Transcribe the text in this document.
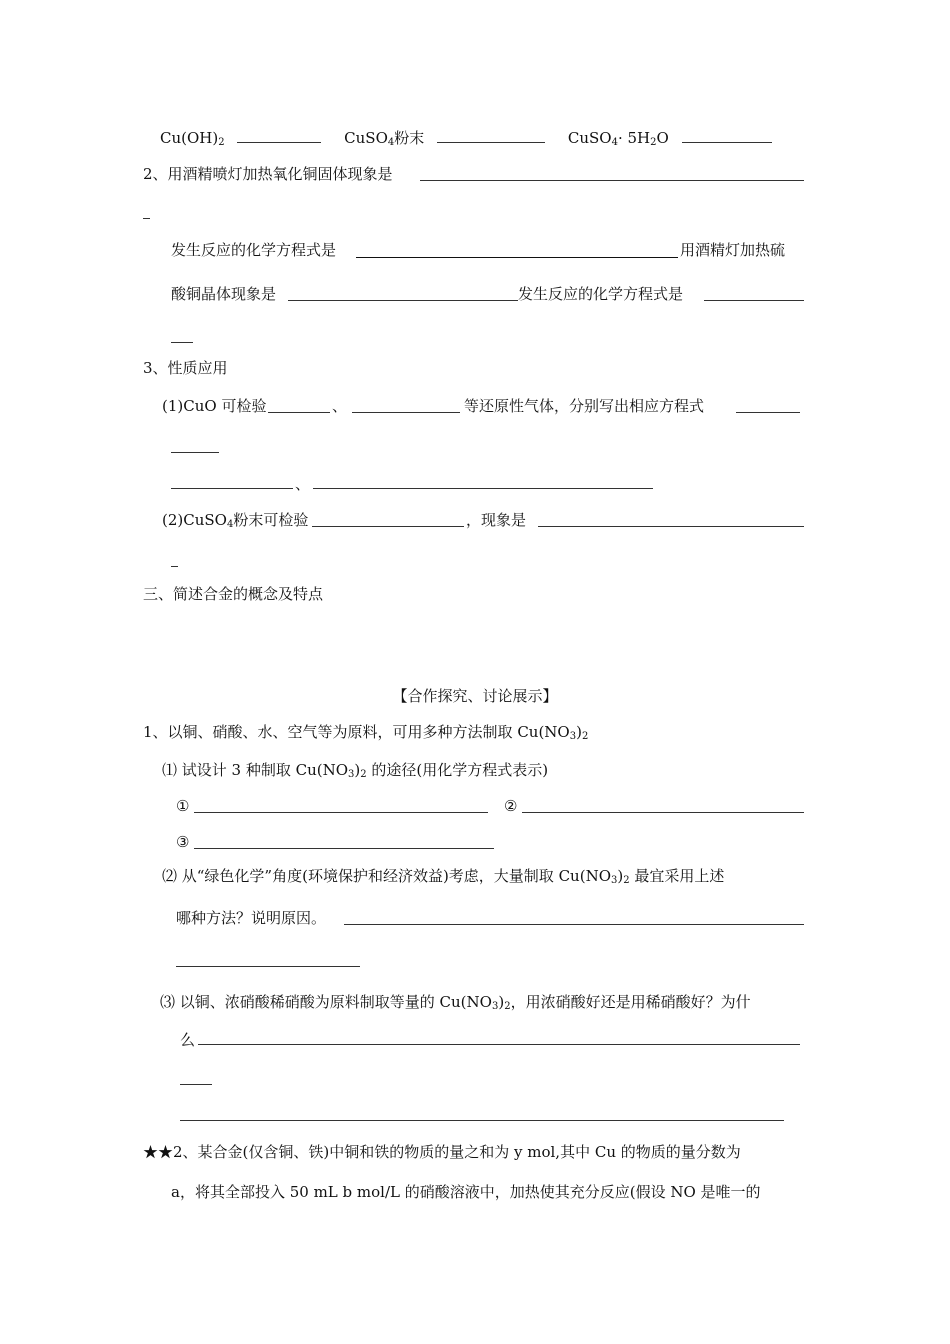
$Cu(OH)_2$	CuSO$_4$粉末	CuSO$_4$· $5H_2O$
2、用酒精喷灯加热氧化铜固体现象是
发生反应的化学方程式是	用酒精灯加热硫
酸铜晶体现象是	发生反应的化学方程式是
3、性质应用
(1)CuO 可检验	、	等还原性气体，分别写出相应方程式
、
(2)CuSO$_4$粉末可检验	，现象是
三、简述合金的概念及特点
【合作探究、讨论展示】
1、以铜、硝酸、水、空气等为原料，可用多种方法制取 $Cu(NO_3)_2$
⑴ 试设计 3 种制取 $Cu(NO_3)_2$ 的途径(用化学方程式表示)
①	②
③
⑵ 从“绿色化学”角度(环境保护和经济效益)考虑，大量制取 $Cu(NO_3)_2$ 最宜采用上述
哪种方法？说明原因。
⑶ 以铜、浓硝酸稀硝酸为原料制取等量的 $Cu(NO_3)_2$，用浓硝酸好还是用稀硝酸好？为什
么
★★2、某合金(仅含铜、铁)中铜和铁的物质的量之和为 y mol,其中 Cu 的物质的量分数为
a，将其全部投入 50 mL b mol/L 的硝酸溶液中，加热使其充分反应(假设 NO 是唯一的
